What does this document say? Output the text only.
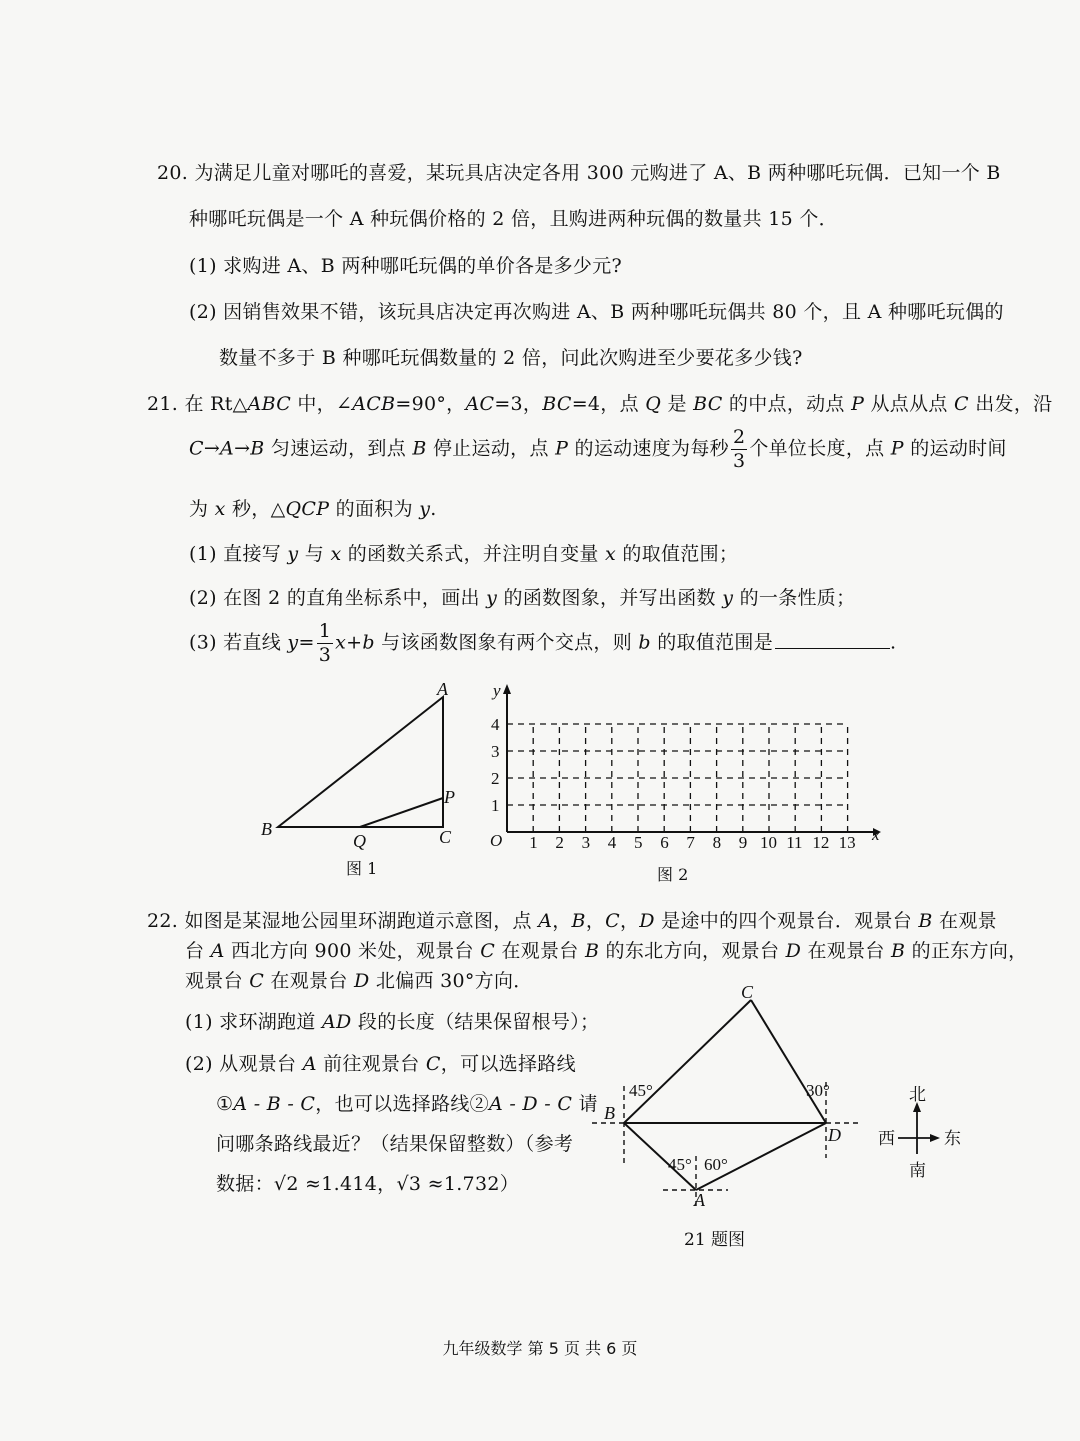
20. 为满足儿童对哪吒的喜爱，某玩具店决定各用 300 元购进了 A、B 两种哪吒玩偶．已知一个 B
种哪吒玩偶是一个 A 种玩偶价格的 2 倍，且购进两种玩偶的数量共 15 个．
(1) 求购进 A、B 两种哪吒玩偶的单价各是多少元?
(2) 因销售效果不错，该玩具店决定再次购进 A、B 两种哪吒玩偶共 80 个，且 A 种哪吒玩偶的
数量不多于 B 种哪吒玩偶数量的 2 倍，问此次购进至少要花多少钱?
21. 在 Rt△ABC 中，∠ACB=90°，AC=3，BC=4，点 Q 是 BC 的中点，动点 P 从点从点 C 出发，沿
C→A→B 匀速运动，到点 B 停止运动，点 P 的运动速度为每秒 $\frac{2}{3}$ 个单位长度，点 P 的运动时间
为 x 秒，△QCP 的面积为 y.
(1) 直接写 y 与 x 的函数关系式，并注明自变量 x 的取值范围；
(2) 在图 2 的直角坐标系中，画出 y 的函数图象，并写出函数 y 的一条性质；
(3) 若直线 $y= \frac{1}{3} x+b$ 与该函数图象有两个交点，则 b 的取值范围是	.
A
B	C
P
Q
图 1
y
x
O 1 2 3 4 5 6 7 8 9 10 11 12 13
1
2
3
4
图 2
22. 如图是某湿地公园里环湖跑道示意图，点 A，B，C，D 是途中的四个观景台．观景台 B 在观景
台 A 西北方向 900 米处，观景台 C 在观景台 B 的东北方向，观景台 D 在观景台 B 的正东方向，
观景台 C 在观景台 D 北偏西 30°方向．
(1) 求环湖跑道 AD 段的长度（结果保留根号）；
(2) 从观景台 A 前往观景台 C，可以选择路线
①A - B - C，也可以选择路线②A - D - C 请
问哪条路线最近？（结果保留整数）（参考
数据：√2 ≈1.414，√3 ≈1.732）
C
B
D
A
45°	30°
45° 60°
21 题图
北
南
西	东
九年级数学 第 5 页 共 6 页
